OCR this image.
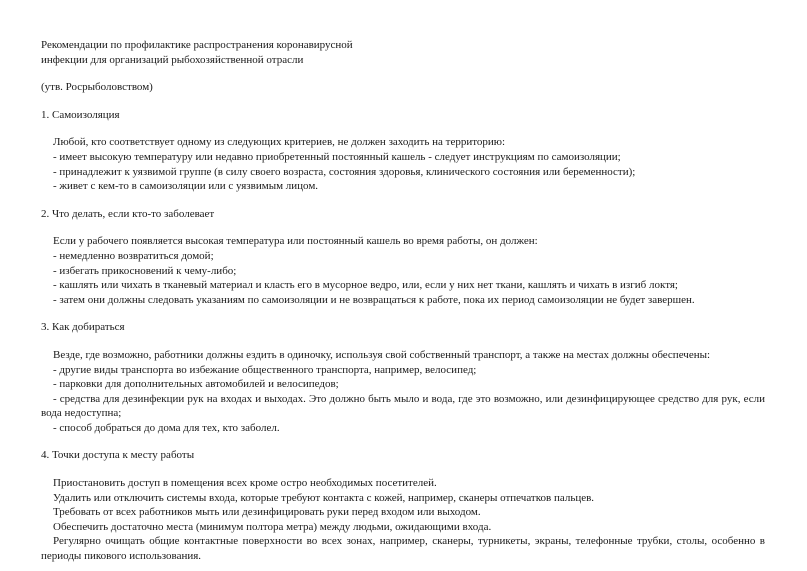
Рекомендации по профилактике распространения коронавирусной
инфекции для организаций рыбохозяйственной отрасли
(утв. Росрыболовством)
1. Самоизоляция
Любой, кто соответствует одному из следующих критериев, не должен заходить на территорию:
- имеет высокую температуру или недавно приобретенный постоянный кашель - следует инструкциям по самоизоляции;
- принадлежит к уязвимой группе (в силу своего возраста, состояния здоровья, клинического состояния или беременности);
- живет с кем-то в самоизоляции или с уязвимым лицом.
2. Что делать, если кто-то заболевает
Если у рабочего появляется высокая температура или постоянный кашель во время работы, он должен:
- немедленно возвратиться домой;
- избегать прикосновений к чему-либо;
- кашлять или чихать в тканевый материал и класть его в мусорное ведро, или, если у них нет ткани, кашлять и чихать в изгиб локтя;
- затем они должны следовать указаниям по самоизоляции и не возвращаться к работе, пока их период самоизоляции не будет завершен.
3. Как добираться
Везде, где возможно, работники должны ездить в одиночку, используя свой собственный транспорт, а также на местах должны обеспечены:
- другие виды транспорта во избежание общественного транспорта, например, велосипед;
- парковки для дополнительных автомобилей и велосипедов;
- средства для дезинфекции рук на входах и выходах. Это должно быть мыло и вода, где это возможно, или дезинфицирующее средство для рук, если вода недоступна;
- способ добраться до дома для тех, кто заболел.
4. Точки доступа к месту работы
Приостановить доступ в помещения всех кроме остро необходимых посетителей.
Удалить или отключить системы входа, которые требуют контакта с кожей, например, сканеры отпечатков пальцев.
Требовать от всех работников мыть или дезинфицировать руки перед входом или выходом.
Обеспечить достаточно места (минимум полтора метра) между людьми, ожидающими входа.
Регулярно очищать общие контактные поверхности во всех зонах, например, сканеры, турникеты, экраны, телефонные трубки, столы, особенно в периоды пикового использования.
